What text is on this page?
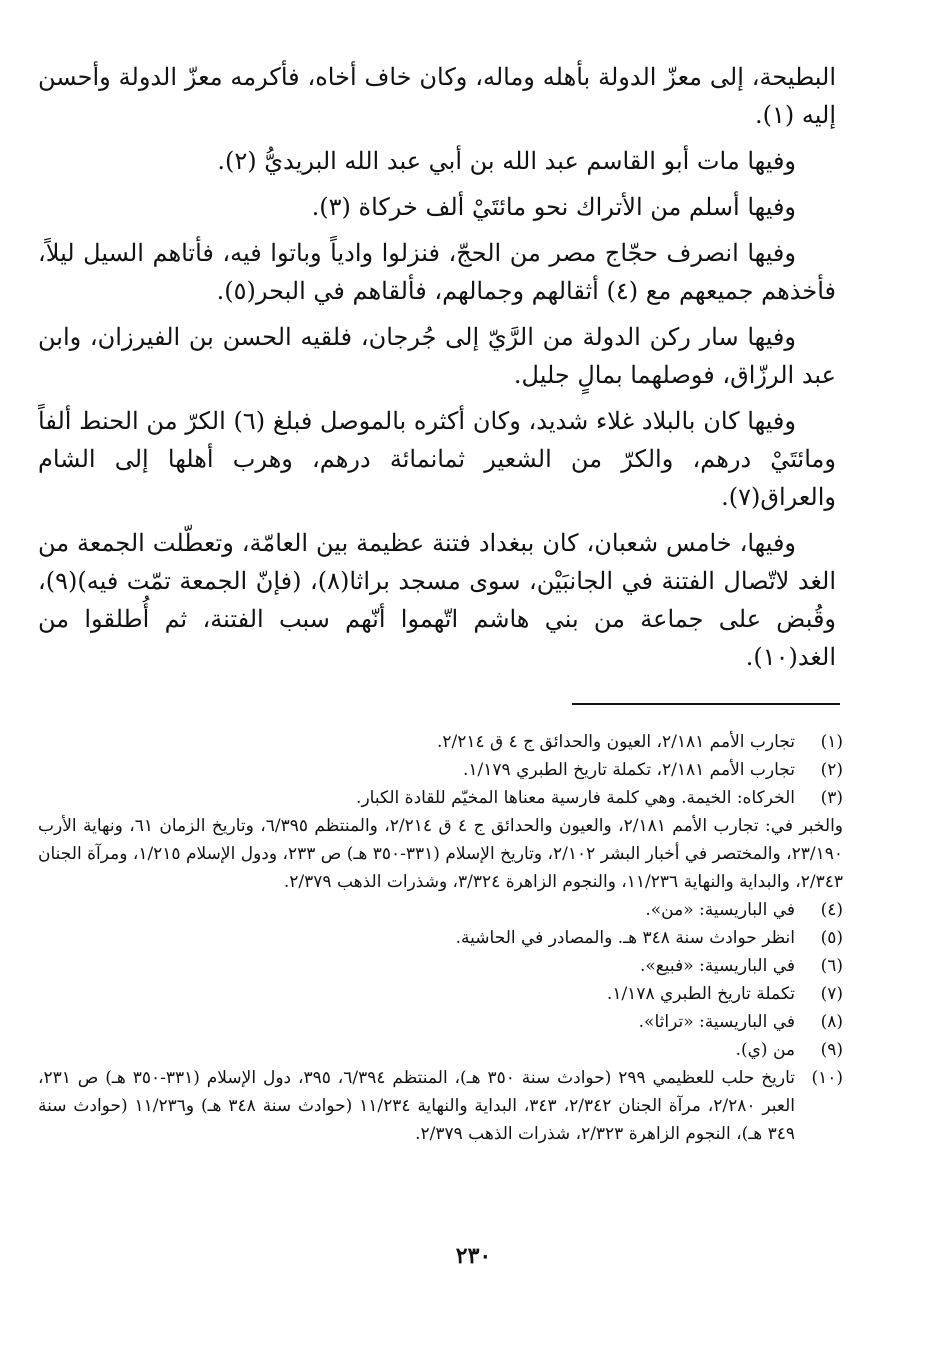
البطيحة، إلى معزّ الدولة بأهله وماله، وكان خاف أخاه، فأكرمه معزّ الدولة وأحسن إليه (١).

وفيها مات أبو القاسم عبد الله بن أبي عبد الله البريديُّ (٢).

وفيها أسلم من الأتراك نحو مائتَيْ ألف خركاة (٣).

وفيها انصرف حجّاج مصر من الحجّ، فنزلوا وادياً وباتوا فيه، فأتاهم السيل ليلاً، فأخذهم جميعهم مع (٤) أثقالهم وجمالهم، فألقاهم في البحر(٥).

وفيها سار ركن الدولة من الرَّيّ إلى جُرجان، فلقيه الحسن بن الفيرزان، وابن عبد الرزّاق، فوصلهما بمالٍ جليل.

وفيها كان بالبلاد غلاء شديد، وكان أكثره بالموصل فبلغ (٦) الكرّ من الحنط ألفاً ومائتَيْ درهم، والكرّ من الشعير ثمانمائة درهم، وهرب أهلها إلى الشام والعراق(٧).

وفيها، خامس شعبان، كان ببغداد فتنة عظيمة بين العامّة، وتعطّلت الجمعة من الغد لاتّصال الفتنة في الجانبَيْن، سوى مسجد براثا(٨)، (فإنّ الجمعة تمّت فيه)(٩)، وقُبض على جماعة من بني هاشم اتّهموا أنّهم سبب الفتنة، ثم أُطلقوا من الغد(١٠).

(١)
تجارب الأمم ٢/١٨١، العيون والحدائق ج ٤ ق ٢/٢١٤.
(٢)
تجارب الأمم ٢/١٨١، تكملة تاريخ الطبري ١/١٧٩.
(٣)
الخركاه: الخيمة. وهي كلمة فارسية معناها المخيّم للقادة الكبار.
والخبر في: تجارب الأمم ٢/١٨١، والعيون والحدائق ج ٤ ق ٢/٢١٤، والمنتظم ٦/٣٩٥، وتاريخ الزمان ٦١، ونهاية الأرب ٢٣/١٩٠، والمختصر في أخبار البشر ٢/١٠٢، وتاريخ الإسلام (٣٣١-٣٥٠ هـ) ص ٢٣٣، ودول الإسلام ١/٢١٥، ومرآة الجنان ٢/٣٤٣، والبداية والنهاية ١١/٢٣٦، والنجوم الزاهرة ٣/٣٢٤، وشذرات الذهب ٢/٣٧٩.
(٤)
في الباريسية: «من».
(٥)
انظر حوادث سنة ٣٤٨ هـ. والمصادر في الحاشية.
(٦)
في الباريسية: «فبيع».
(٧)
تكملة تاريخ الطبري ١/١٧٨.
(٨)
في الباريسية: «تراثا».
(٩)
من (ي).
(١٠)
تاريخ حلب للعظيمي ٢٩٩ (حوادث سنة ٣٥٠ هـ)، المنتظم ٦/٣٩٤، ٣٩٥، دول الإسلام (٣٣١-٣٥٠ هـ) ص ٢٣١، العبر ٢/٢٨٠، مرآة الجنان ٢/٣٤٢، ٣٤٣، البداية والنهاية ١١/٢٣٤ (حوادث سنة ٣٤٨ هـ) و١١/٢٣٦ (حوادث سنة ٣٤٩ هـ)، النجوم الزاهرة ٢/٣٢٣، شذرات الذهب ٢/٣٧٩.
٢٣٠
